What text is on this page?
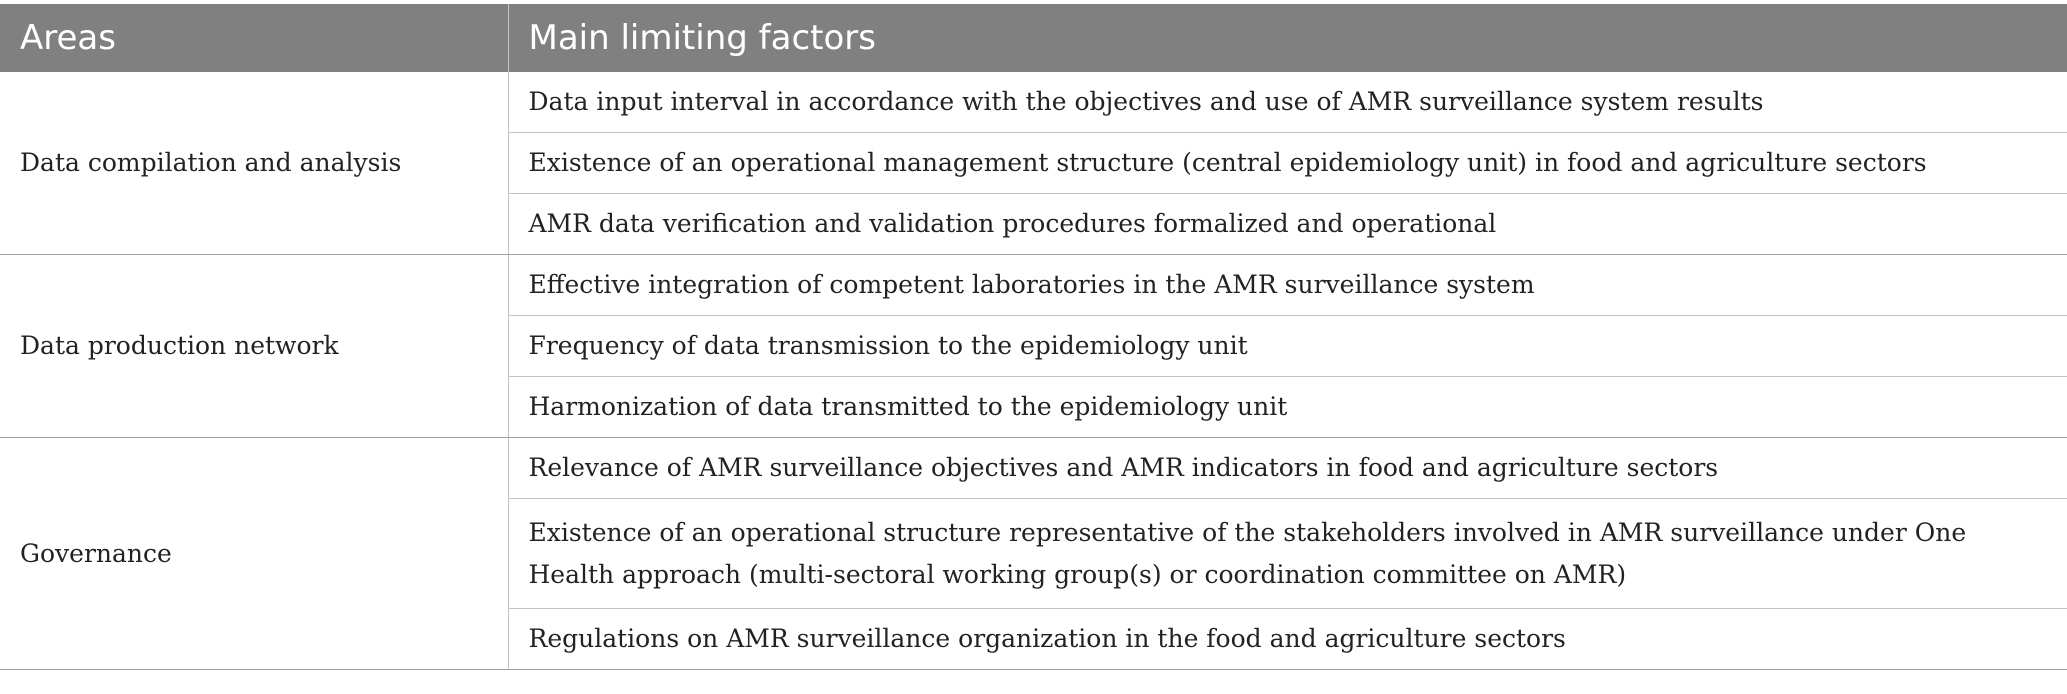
Areas	Main limiting factors
Data compilation and analysis	Data input interval in accordance with the objectives and use of AMR surveillance system results
	Existence of an operational management structure (central epidemiology unit) in food and agriculture sectors
	AMR data verification and validation procedures formalized and operational
Data production network	Effective integration of competent laboratories in the AMR surveillance system
	Frequency of data transmission to the epidemiology unit
	Harmonization of data transmitted to the epidemiology unit
Governance	Relevance of AMR surveillance objectives and AMR indicators in food and agriculture sectors
	Existence of an operational structure representative of the stakeholders involved in AMR surveillance under One Health approach (multi-sectoral working group(s) or coordination committee on AMR)
	Regulations on AMR surveillance organization in the food and agriculture sectors
